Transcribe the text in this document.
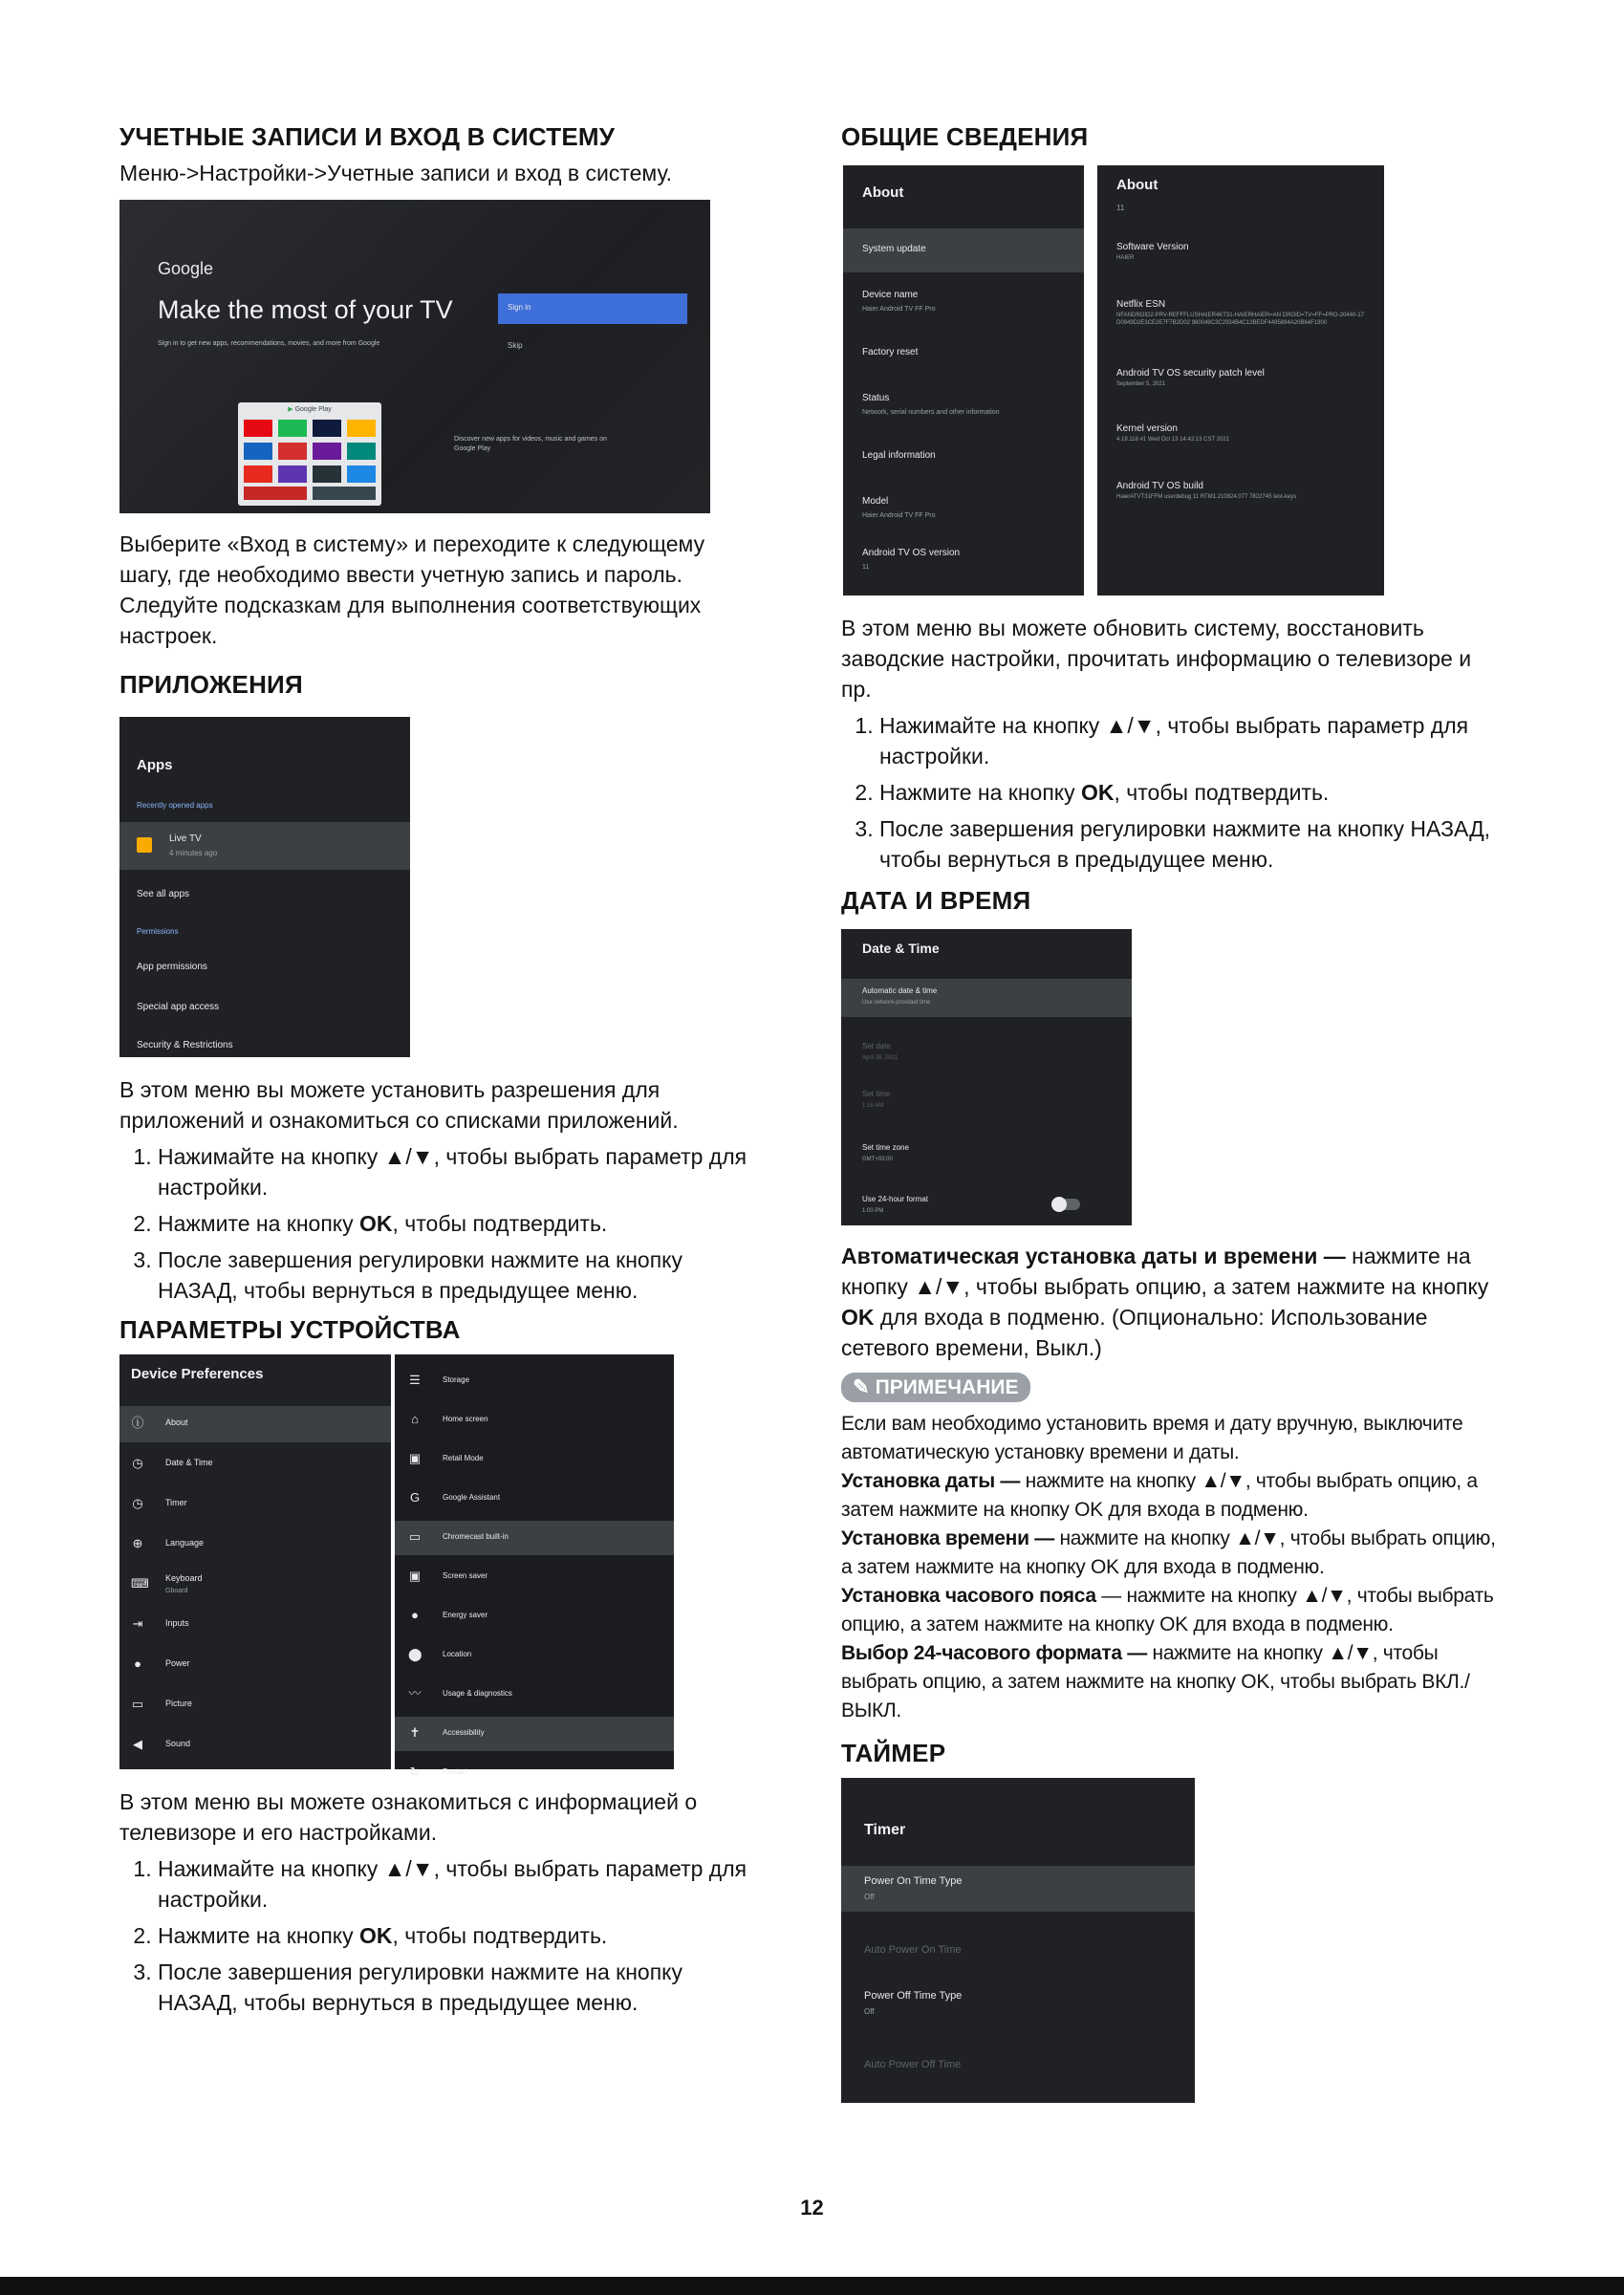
УЧЕТНЫЕ ЗАПИСИ И ВХОД В СИСТЕМУ
Меню->Настройки->Учетные записи и вход в систему.
Google
Make the most of your TV
Sign in to get new apps, recommendations, movies, and more from Google
Sign in
Skip
▶ Google Play
Discover new apps for videos, music and games on Google Play

Выберите «Вход в систему» и переходите к следующему шагу, где необходимо ввести учетную запись и пароль. Следуйте подсказкам для выполнения соответствующих настроек.

ПРИЛОЖЕНИЯ
Apps
Recently opened apps
Live TV
4 minutes ago
See all apps
Permissions
App permissions
Special app access
Security & Restrictions

В этом меню вы можете установить разрешения для приложений и ознакомиться со списками приложений.

1. Нажимайте на кнопку ▲/▼, чтобы выбрать параметр для настройки.
2. Нажмите на кнопку OK, чтобы подтвердить.
3. После завершения регулировки нажмите на кнопку НАЗАД, чтобы вернуться в предыдущее меню.
ПАРАМЕТРЫ УСТРОЙСТВА
Device Preferences
ⓘ	About
◷	Date & Time
◷	Timer
⊕	Language
⌨ Keyboard
Gboard
⇥	Inputs
●	Power
▭	Picture
◀	Sound
☰	Storage
⌂	Home screen
▣	Retail Mode
G	Google Assistant
▭	Chromecast built-in
▣	Screen saver
●	Energy saver
⬤	Location
〰	Usage & diagnostics
✝	Accessibility
↻	Restart

В этом меню вы можете ознакомиться с информацией о телевизоре и его настройками.

1. Нажимайте на кнопку ▲/▼, чтобы выбрать параметр для настройки.
2. Нажмите на кнопку OK, чтобы подтвердить.
3. После завершения регулировки нажмите на кнопку НАЗАД, чтобы вернуться в предыдущее меню.
ОБЩИЕ СВЕДЕНИЯ
About
System update
Device name
Haier Android TV FF Pro
Factory reset
Status
Network, serial numbers and other information
Legal information
Model
Haier Android TV FF Pro
Android TV OS version
11
About
11
Software Version
HAIER
Netflix ESN
NFANDROID2-PRV-REFFFLUSHAIER4KT31-HAIERHAIER=AN DROID=TV=FF=PRO-20440-17D0949D2E3CE2E7F7B2D02 980049C3C2934B4C12BEDF4495894A20B64F1900
Android TV OS security patch level
September 5, 2021
Kernel version
4.19.116 #1 Wed Oct 13 14:42:13 CST 2021
Android TV OS build
HaierATVT31FFM userdebug 11 RTM1.210824.077 7822745 test-keys

В этом меню вы можете обновить систему, восстановить заводские настройки, прочитать информацию о телевизоре и пр.

1. Нажимайте на кнопку ▲/▼, чтобы выбрать параметр для настройки.
2. Нажмите на кнопку OK, чтобы подтвердить.
3. После завершения регулировки нажмите на кнопку НАЗАД, чтобы вернуться в предыдущее меню.
ДАТА И ВРЕМЯ
Date & Time
Automatic date & time
Use network-provided time
Set date
April 28, 2021
Set time
1:16 AM
Set time zone
GMT+03:00
Use 24-hour format
1:00 PM

Автоматическая установка даты и времени — нажмите на кнопку ▲/▼, чтобы выбрать опцию, а затем нажмите на кнопку OK для входа в подменю. (Опционально: Использование сетевого времени, Выкл.)

✎ ПРИМЕЧАНИЕ
Если вам необходимо установить время и дату вручную, выключите автоматическую установку времени и даты.
Установка даты — нажмите на кнопку ▲/▼, чтобы выбрать опцию, а затем нажмите на кнопку OK для входа в подменю.
Установка времени — нажмите на кнопку ▲/▼, чтобы выбрать опцию, а затем нажмите на кнопку OK для входа в подменю.
Установка часового пояса — нажмите на кнопку ▲/▼, чтобы выбрать опцию, а затем нажмите на кнопку OK для входа в подменю.
Выбор 24-часового формата — нажмите на кнопку ▲/▼, чтобы выбрать опцию, а затем нажмите на кнопку OK, чтобы выбрать ВКЛ./ВЫКЛ.
ТАЙМЕР
Timer
Power On Time Type
Off
Auto Power On Time
Power Off Time Type
Off
Auto Power Off Time
12
